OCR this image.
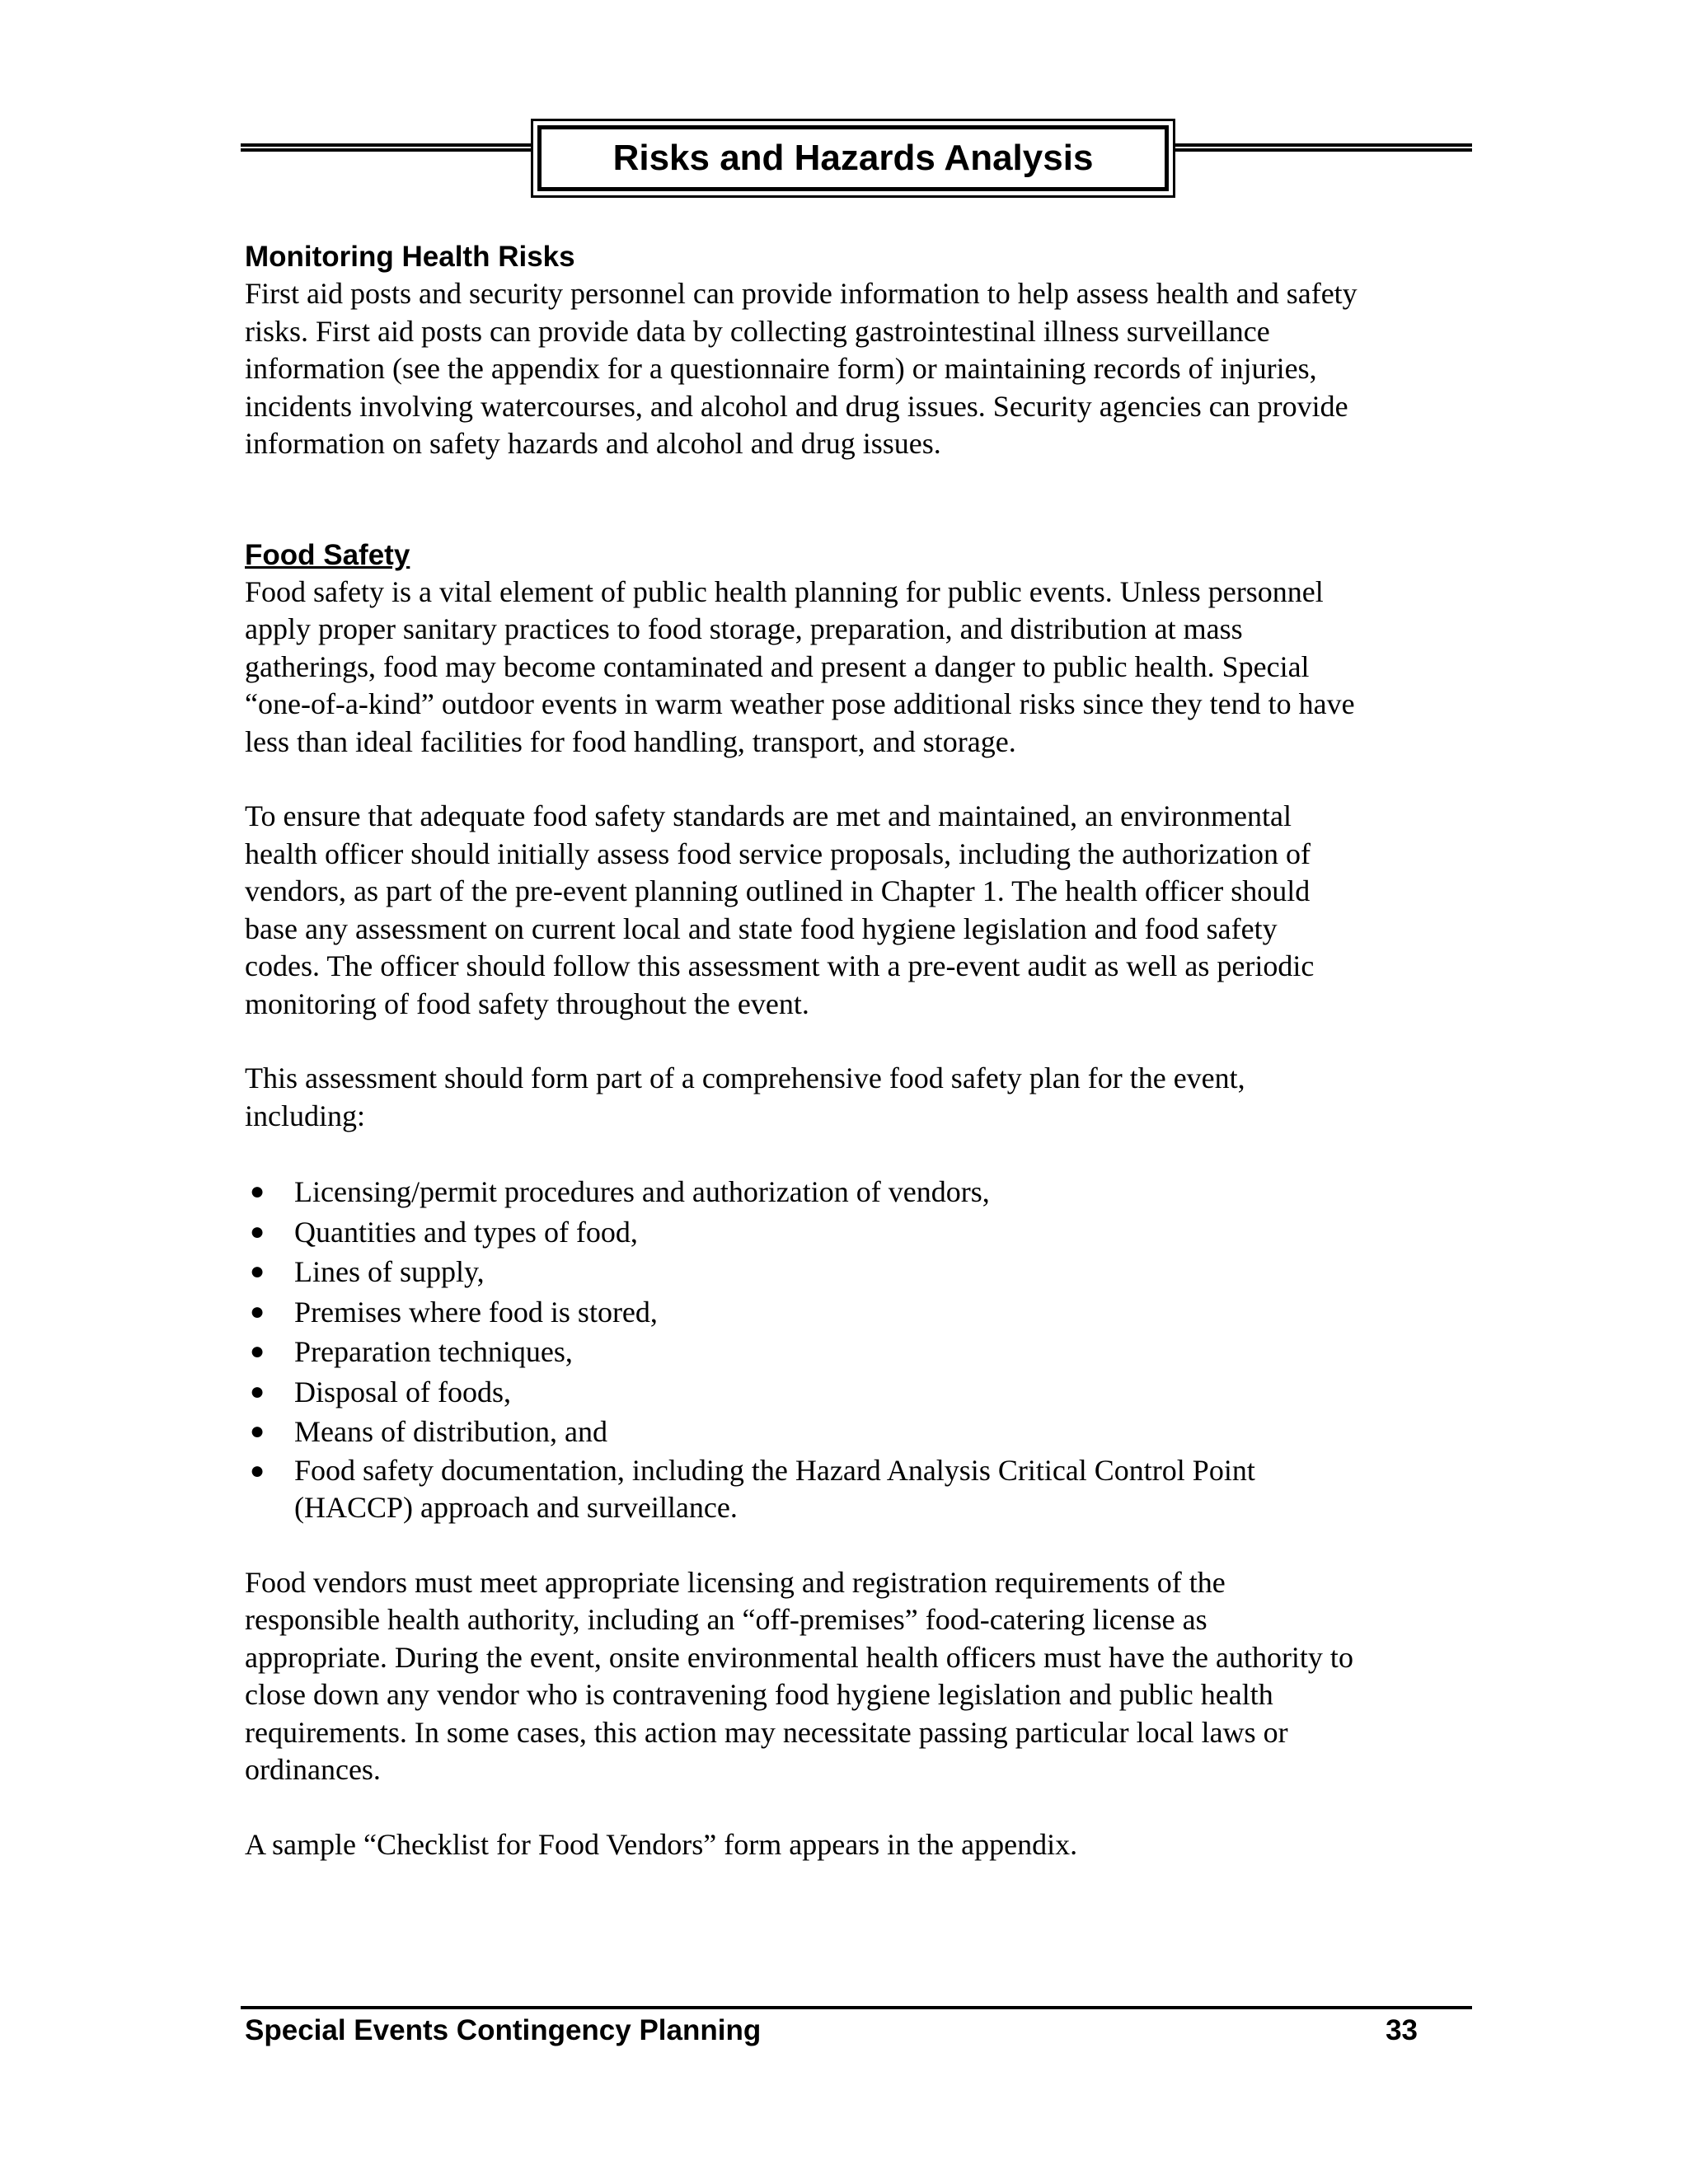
Risks and Hazards Analysis
Monitoring Health Risks

First aid posts and security personnel can provide information to help assess health and safety
risks. First aid posts can provide data by collecting gastrointestinal illness surveillance
information (see the appendix for a questionnaire form) or maintaining records of injuries,
incidents involving watercourses, and alcohol and drug issues. Security agencies can provide
information on safety hazards and alcohol and drug issues.

Food Safety

Food safety is a vital element of public health planning for public events. Unless personnel
apply proper sanitary practices to food storage, preparation, and distribution at mass
gatherings, food may become contaminated and present a danger to public health. Special
“one-of-a-kind” outdoor events in warm weather pose additional risks since they tend to have
less than ideal facilities for food handling, transport, and storage.

To ensure that adequate food safety standards are met and maintained, an environmental
health officer should initially assess food service proposals, including the authorization of
vendors, as part of the pre-event planning outlined in Chapter 1. The health officer should
base any assessment on current local and state food hygiene legislation and food safety
codes. The officer should follow this assessment with a pre-event audit as well as periodic
monitoring of food safety throughout the event.

This assessment should form part of a comprehensive food safety plan for the event,
including:

● Licensing/permit procedures and authorization of vendors,
● Quantities and types of food,
● Lines of supply,
● Premises where food is stored,
● Preparation techniques,
● Disposal of foods,
● Means of distribution, and
● Food safety documentation, including the Hazard Analysis Critical Control Point
(HACCP) approach and surveillance.

Food vendors must meet appropriate licensing and registration requirements of the
responsible health authority, including an “off-premises” food-catering license as
appropriate. During the event, onsite environmental health officers must have the authority to
close down any vendor who is contravening food hygiene legislation and public health
requirements. In some cases, this action may necessitate passing particular local laws or
ordinances.

A sample “Checklist for Food Vendors” form appears in the appendix.

Special Events Contingency Planning	33
